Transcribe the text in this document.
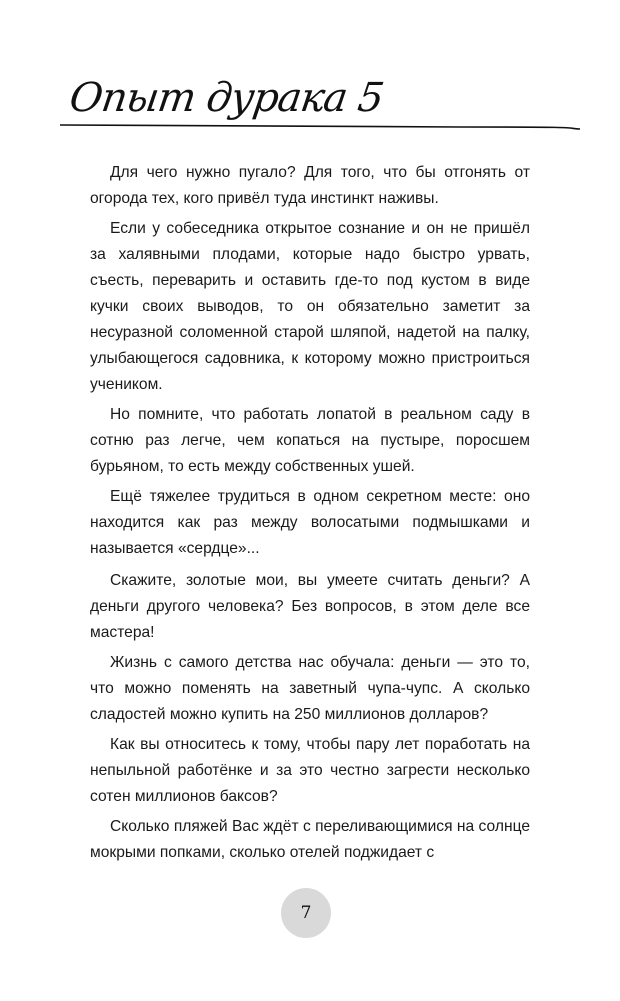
Опыт дурака 5

Для чего нужно пугало? Для того, что бы отгонять от огорода тех, кого привёл туда инстинкт наживы.

Если у собеседника открытое сознание и он не пришёл за халявными плодами, которые надо быстро урвать, съесть, переварить и оставить где-то под кустом в виде кучки своих выводов, то он обязательно заметит за несуразной соломенной старой шляпой, надетой на палку, улыбающегося садовника, к которому можно пристроиться учеником.

Но помните, что работать лопатой в реальном саду в сотню раз легче, чем копаться на пустыре, поросшем бурьяном, то есть между собственных ушей.

Ещё тяжелее трудиться в одном секретном месте: оно находится как раз между волосатыми подмышками и называется «сердце»...

Скажите, золотые мои, вы умеете считать деньги? А деньги другого человека? Без вопросов, в этом деле все мастера!

Жизнь с самого детства нас обучала: деньги — это то, что можно поменять на заветный чупа-чупс. А сколько сладостей можно купить на 250 миллионов долларов?

Как вы относитесь к тому, чтобы пару лет поработать на непыльной работёнке и за это честно загрести несколько сотен миллионов баксов?

Сколько пляжей Вас ждёт с переливающимися на солнце мокрыми попками, сколько отелей поджидает с

7
